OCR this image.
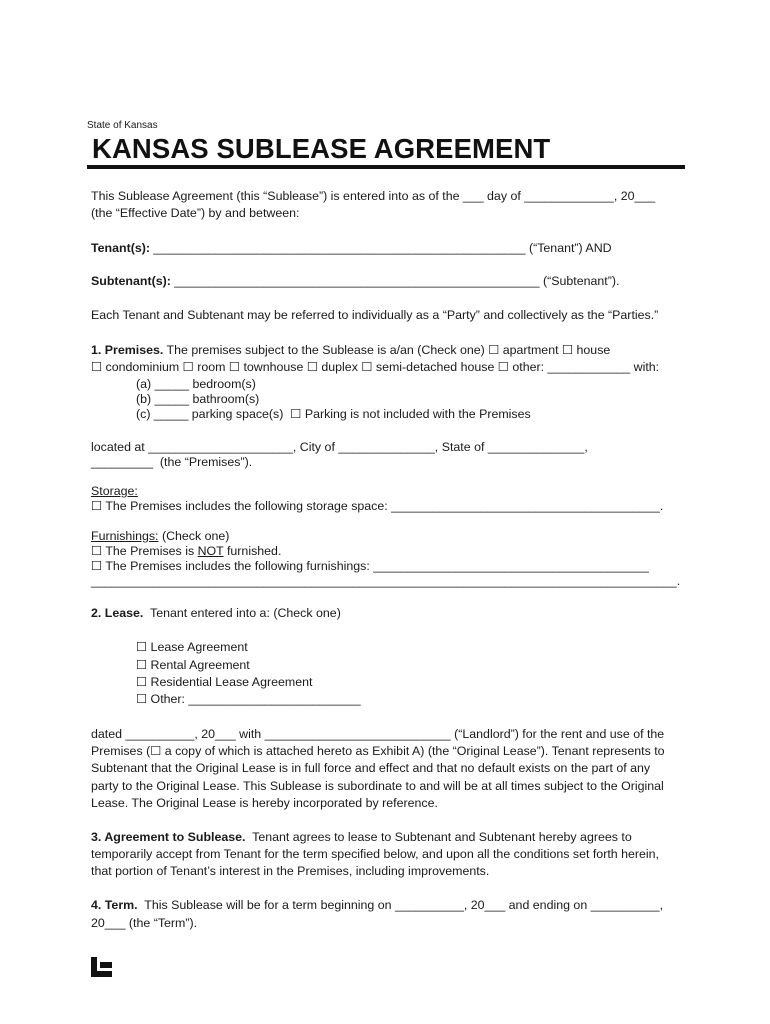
State of Kansas
KANSAS SUBLEASE AGREEMENT
This Sublease Agreement (this “Sublease”) is entered into as of the ___ day of _____________, 20___
(the “Effective Date”) by and between:
Tenant(s): ______________________________________________________ (“Tenant”) AND
Subtenant(s): _____________________________________________________ (“Subtenant”).
Each Tenant and Subtenant may be referred to individually as a “Party” and collectively as the “Parties.”
1. Premises. The premises subject to the Sublease is a/an (Check one) ☐ apartment ☐ house
☐ condominium ☐ room ☐ townhouse ☐ duplex ☐ semi-detached house ☐ other: ____________ with:
(a) _____ bedroom(s)
(b) _____ bathroom(s)
(c) _____ parking space(s)  ☐ Parking is not included with the Premises
located at _____________________, City of ______________, State of ______________,
_________  (the “Premises”).
Storage:
☐ The Premises includes the following storage space: _______________________________________.
Furnishings: (Check one)
☐ The Premises is NOT furnished.
☐ The Premises includes the following furnishings: ________________________________________
_____________________________________________________________________________________.
2. Lease.  Tenant entered into a: (Check one)
☐ Lease Agreement
☐ Rental Agreement
☐ Residential Lease Agreement
☐ Other: _________________________
dated __________, 20___ with ___________________________ (“Landlord”) for the rent and use of the
Premises (☐ a copy of which is attached hereto as Exhibit A) (the “Original Lease”). Tenant represents to
Subtenant that the Original Lease is in full force and effect and that no default exists on the part of any
party to the Original Lease. This Sublease is subordinate to and will be at all times subject to the Original
Lease. The Original Lease is hereby incorporated by reference.
3. Agreement to Sublease.  Tenant agrees to lease to Subtenant and Subtenant hereby agrees to
temporarily accept from Tenant for the term specified below, and upon all the conditions set forth herein,
that portion of Tenant’s interest in the Premises, including improvements.
4. Term.  This Sublease will be for a term beginning on __________, 20___ and ending on __________,
20___ (the “Term”).
